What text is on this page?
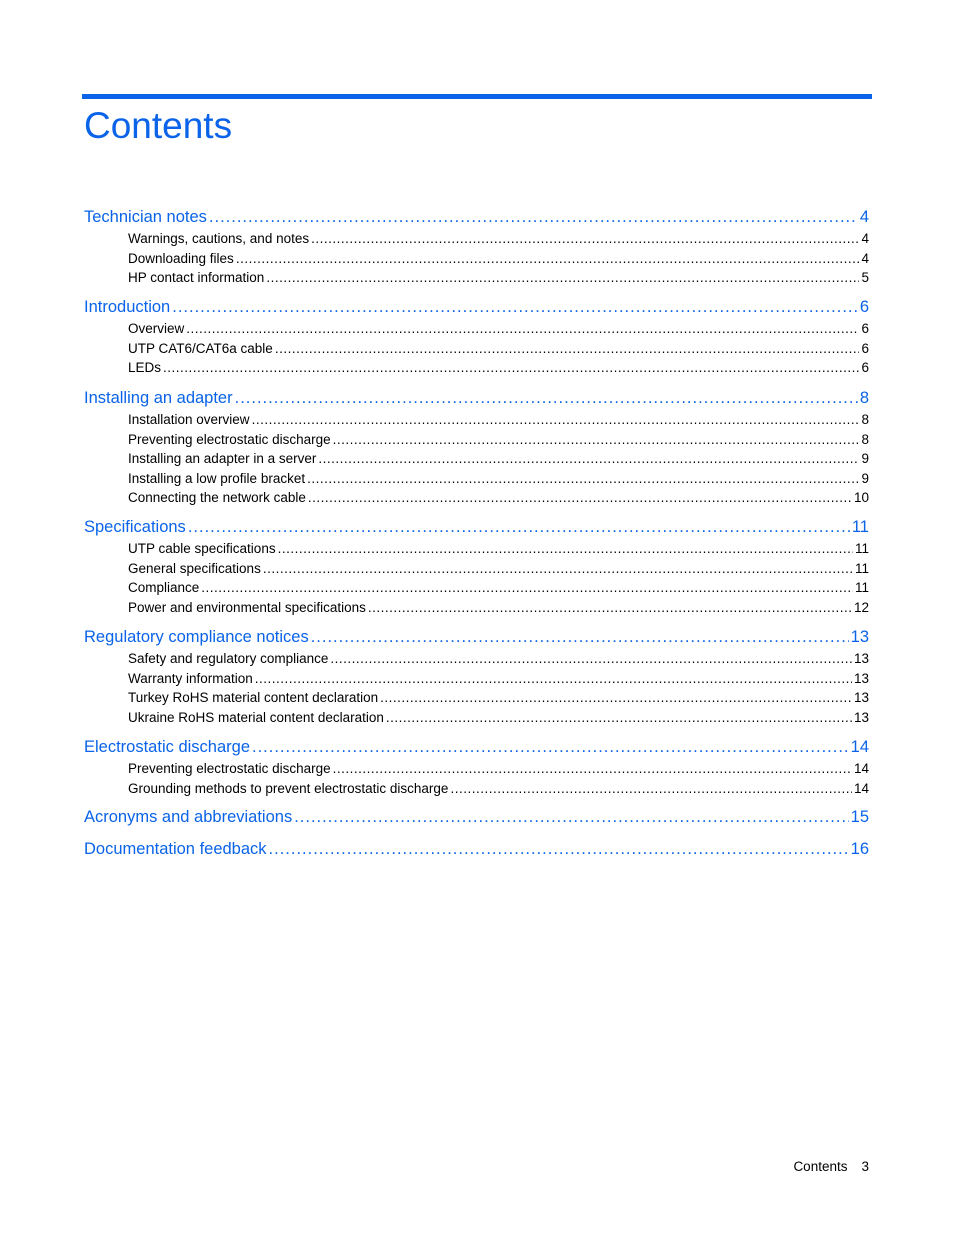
Contents
Technician notes .....	4
Warnings, cautions, and notes .....	4
Downloading files .....	4
HP contact information .....	5
Introduction .....	6
Overview .....	6
UTP CAT6/CAT6a cable .....	6
LEDs .....	6
Installing an adapter .....	8
Installation overview .....	8
Preventing electrostatic discharge .....	8
Installing an adapter in a server .....	9
Installing a low profile bracket .....	9
Connecting the network cable .....	10
Specifications .....	11
UTP cable specifications .....	11
General specifications .....	11
Compliance .....	11
Power and environmental specifications .....	12
Regulatory compliance notices .....	13
Safety and regulatory compliance .....	13
Warranty information .....	13
Turkey RoHS material content declaration .....	13
Ukraine RoHS material content declaration .....	13
Electrostatic discharge .....	14
Preventing electrostatic discharge .....	14
Grounding methods to prevent electrostatic discharge .....	14
Acronyms and abbreviations .....	15
Documentation feedback .....	16
Contents 3
